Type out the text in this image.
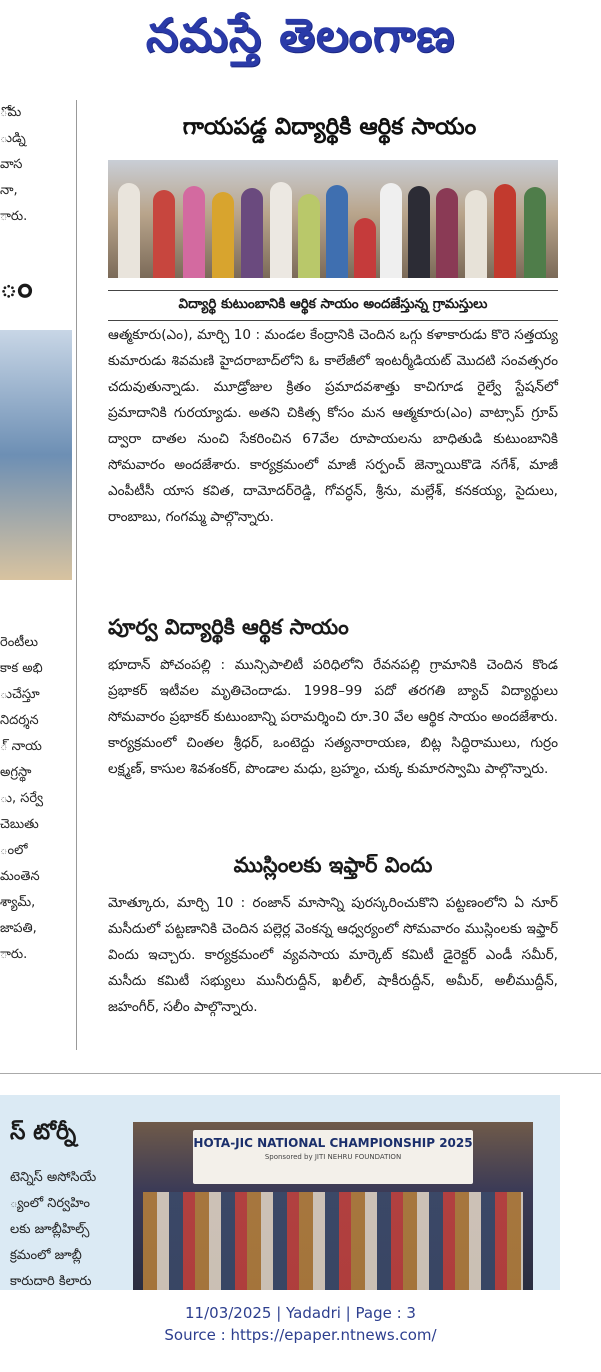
నమస్తే తెలంగాణ
ోమ
ుడ్ని
వాస
నా,
ారు.
ం
రెంటీలు
కాక అభి
ుచేస్తూ
నిదర్శన
్ నాయ
అగ్రస్థా
ు, సర్వే
చెబుతు
ంలో
మంతెన
శ్యామ్,
జాపతి,
ారు.
గాయపడ్డ విద్యార్థికి ఆర్థిక సాయం
విద్యార్థి కుటుంబానికి ఆర్థిక సాయం అందజేస్తున్న గ్రామస్తులు

ఆత్మకూరు(ఎం), మార్చి 10 : మండల కేంద్రానికి చెందిన ఒగ్గు కళాకారుడు కొరె సత్తయ్య కుమారుడు శివమణి హైదరాబాద్‌లోని ఓ కాలేజీలో ఇంటర్మీడియట్ మొదటి సంవత్సరం చదువుతున్నాడు. మూడ్రోజుల క్రితం ప్రమాదవశాత్తు కాచిగూడ రైల్వే స్టేషన్‌లో ప్రమాదానికి గురయ్యాడు. అతని చికిత్స కోసం మన ఆత్మకూరు(ఎం) వాట్సాప్ గ్రూప్ ద్వారా దాతల నుంచి సేకరించిన 67వేల రూపాయలను బాధితుడి కుటుంబానికి సోమవారం అందజేశారు. కార్యక్రమంలో మాజీ సర్పంచ్ జెన్నాయికొడె నగేశ్, మాజీ ఎంపీటీసీ యాస కవిత, దామోదర్‌రెడ్డి, గోవర్ధన్, శ్రీను, మల్లేశ్, కనకయ్య, సైదులు, రాంబాబు, గంగమ్మ పాల్గొన్నారు.

పూర్వ విద్యార్థికి ఆర్థిక సాయం

భూదాన్ పోచంపల్లి : మున్సిపాలిటీ పరిధిలోని రేవనపల్లి గ్రామానికి చెందిన కొండ ప్రభాకర్ ఇటీవల మృతిచెందాడు. 1998–99 పదో తరగతి బ్యాచ్ విద్యార్థులు సోమవారం ప్రభాకర్ కుటుంబాన్ని పరామర్శించి రూ.30 వేల ఆర్థిక సాయం అందజేశారు. కార్యక్రమంలో చింతల శ్రీధర్, ఒంటెద్దు సత్యనారాయణ, బిట్ల సిద్ధిరాములు, గుర్రం లక్ష్మణ్, కాసుల శివశంకర్, పొండాల మధు, బ్రహ్మం, చుక్క కుమారస్వామి పాల్గొన్నారు.

ముస్లింలకు ఇఫ్తార్ విందు

మోత్కూరు, మార్చి 10 : రంజాన్ మాసాన్ని పురస్కరించుకొని పట్టణంలోని ఏ నూర్ మసీదులో పట్టణానికి చెందిన పల్లెర్ల వెంకన్న ఆధ్వర్యంలో సోమవారం ముస్లింలకు ఇఫ్తార్ విందు ఇచ్చారు. కార్యక్రమంలో వ్యవసాయ మార్కెట్ కమిటీ డైరెక్టర్ ఎండీ సమీర్, మసీదు కమిటీ సభ్యులు మునీరుద్దీన్, ఖలీల్, షాకీరుద్దీన్, అమీర్, అలీముద్దీన్, జహంగీర్, సలీం పాల్గొన్నారు.

స్ టోర్నీ
టెన్నిస్ అసోసియే
్యంలో నిర్వహిం
లకు జూబ్లీహిల్స్
క్రమంలో జూబ్లీ
కారుదారి కిలారు
HOTA-JIC NATIONAL CHAMPIONSHIP 2025
Sponsored by JITI NEHRU FOUNDATION
11/03/2025 | Yadadri | Page : 3
Source : https://epaper.ntnews.com/
